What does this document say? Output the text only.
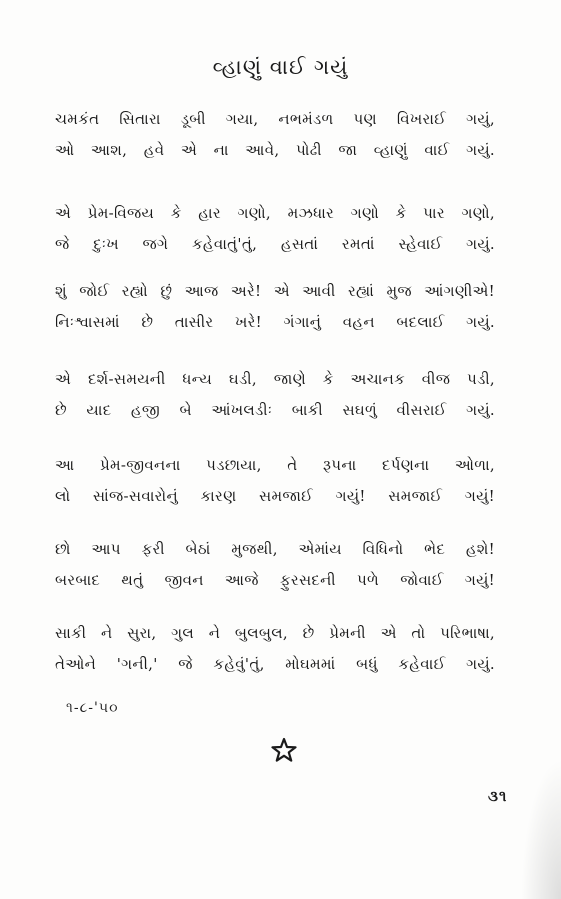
વ્હાણું વાઈ ગયું
ચમકંત સિતારા ડૂબી ગયા, નભમંડળ પણ વિખરાઈ ગયું,
ઓ આશ, હવે એ ના આવે, પોઢી જા વ્હાણું વાઈ ગયું.
એ પ્રેમ-વિજય કે હાર ગણો, મઝધાર ગણો કે પાર ગણો,
જે દુઃખ જગે કહેવાતું'તું, હસતાં રમતાં સ્હેવાઈ ગયું.
શું જોઈ રહ્યો છું આજ અરે! એ આવી રહ્યાં મુજ આંગણીએ!
નિઃશ્વાસમાં છે તાસીર ખરે! ગંગાનું વહન બદલાઈ ગયું.
એ દર્શ-સમયની ધન્ય ઘડી, જાણે કે અચાનક વીજ પડી,
છે યાદ હજી બે આંખલડીઃ બાકી સઘળું વીસરાઈ ગયું.
આ પ્રેમ-જીવનના પડછાયા, તે રૂપના દર્પણના ઓળા,
લો સાંજ-સવારોનું કારણ સમજાઈ ગયું! સમજાઈ ગયું!
છો આપ ફરી બેઠાં મુજથી, એમાંય વિધિનો ભેદ હશે!
બરબાદ થતું જીવન આજે ફુરસદની પળે જોવાઈ ગયું!
સાકી ને સુરા, ગુલ ને બુલબુલ, છે પ્રેમની એ તો પરિભાષા,
તેઓને 'ગની,' જે કહેવું'તું, મોઘમમાં બધું કહેવાઈ ગયું.
૧-૮-'૫૦
૩૧
